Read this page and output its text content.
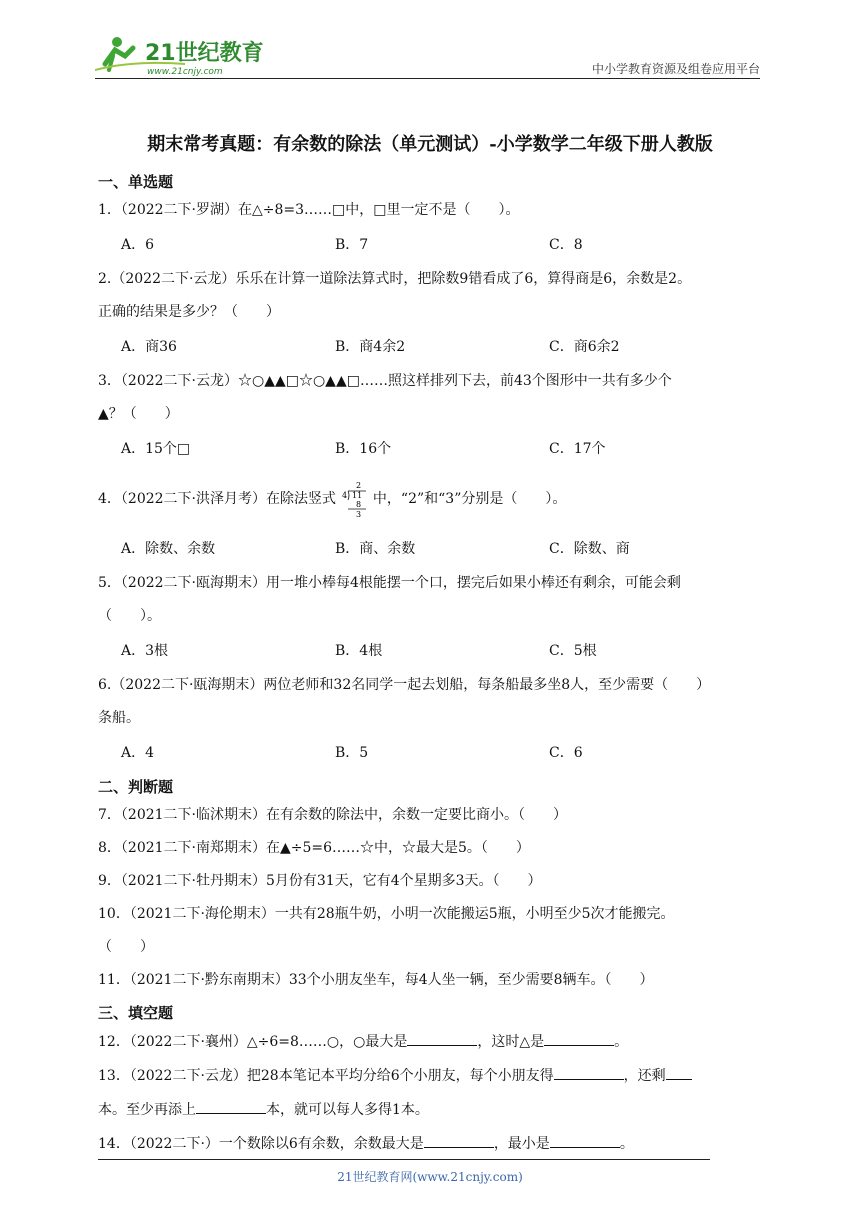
21世纪教育
www.21cnjy.com	中小学教育资源及组卷应用平台
期末常考真题：有余数的除法（单元测试）-小学数学二年级下册人教版
一、单选题
1．（2022二下·罗湖）在△÷8=3……□中，□里一定不是（　　）。
A．6	B．7	C．8
2.（2022二下·云龙）乐乐在计算一道除法算式时，把除数9错看成了6，算得商是6，余数是2。
正确的结果是多少？（　　）
A．商36	B．商4余2	C．商6余2
3．（2022二下·云龙）☆○▲▲□☆○▲▲□……照这样排列下去，前43个图形中一共有多少个
▲？（　　）
A．15个□	B．16个	C．17个
4．（2022二下·洪泽月考）在除法竖式
2
4 11
8
3
中，“2”和“3”分别是（　　）。
A．除数、余数	B．商、余数	C．除数、商
5．（2022二下·瓯海期末）用一堆小棒每4根能摆一个口，摆完后如果小棒还有剩余，可能会剩
（　　）。
A．3根	B．4根	C．5根
6.（2022二下·瓯海期末）两位老师和32名同学一起去划船，每条船最多坐8人，至少需要（　　）
条船。
A．4	B．5	C．6
二、判断题
7．（2021二下·临沭期末）在有余数的除法中，余数一定要比商小。（　　）
8．（2021二下·南郑期末）在▲÷5=6……☆中，☆最大是5。（　　）
9．（2021二下·牡丹期末）5月份有31天，它有4个星期多3天。（　　）
10．（2021二下·海伦期末）一共有28瓶牛奶，小明一次能搬运5瓶，小明至少5次才能搬完。
（　　）
11．（2021二下·黔东南期末）33个小朋友坐车，每4人坐一辆，至少需要8辆车。（　　）
三、填空题
12．（2022二下·襄州）△÷6=8……○，○最大是	，这时△是	。
13．（2022二下·云龙）把28本笔记本平均分给6个小朋友，每个小朋友得	，还剩
本。至少再添上	本，就可以每人多得1本。
14．（2022二下·）一个数除以6有余数，余数最大是	，最小是	。
21世纪教育网(www.21cnjy.com)
